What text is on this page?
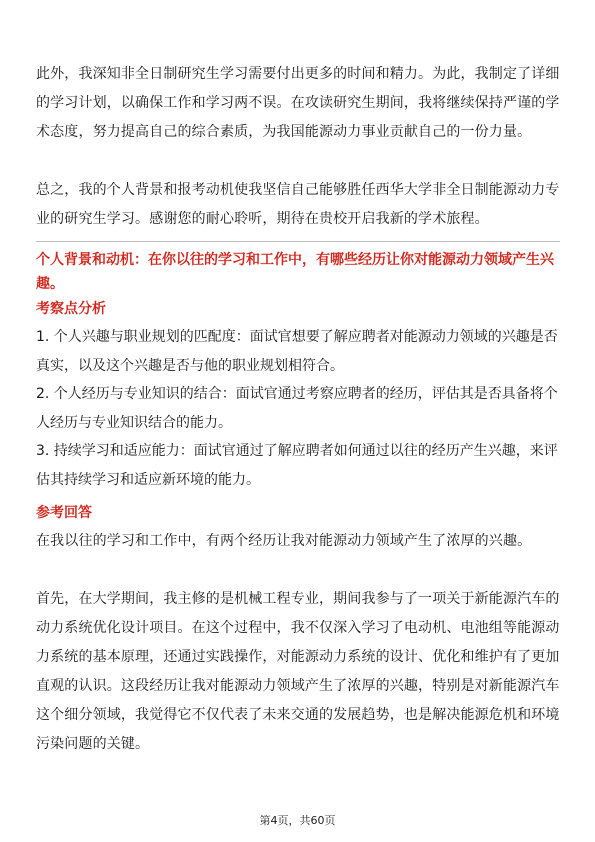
此外，我深知非全日制研究生学习需要付出更多的时间和精力。为此，我制定了详细的学习计划，以确保工作和学习两不误。在攻读研究生期间，我将继续保持严谨的学术态度，努力提高自己的综合素质，为我国能源动力事业贡献自己的一份力量。

总之，我的个人背景和报考动机使我坚信自己能够胜任西华大学非全日制能源动力专业的研究生学习。感谢您的耐心聆听，期待在贵校开启我新的学术旅程。

个人背景和动机：在你以往的学习和工作中，有哪些经历让你对能源动力领域产生兴趣。

考察点分析

1. 个人兴趣与职业规划的匹配度：面试官想要了解应聘者对能源动力领域的兴趣是否真实，以及这个兴趣是否与他的职业规划相符合。

2. 个人经历与专业知识的结合：面试官通过考察应聘者的经历，评估其是否具备将个人经历与专业知识结合的能力。

3. 持续学习和适应能力：面试官通过了解应聘者如何通过以往的经历产生兴趣，来评估其持续学习和适应新环境的能力。

参考回答

在我以往的学习和工作中，有两个经历让我对能源动力领域产生了浓厚的兴趣。

首先，在大学期间，我主修的是机械工程专业，期间我参与了一项关于新能源汽车的动力系统优化设计项目。在这个过程中，我不仅深入学习了电动机、电池组等能源动力系统的基本原理，还通过实践操作，对能源动力系统的设计、优化和维护有了更加直观的认识。这段经历让我对能源动力领域产生了浓厚的兴趣，特别是对新能源汽车这个细分领域，我觉得它不仅代表了未来交通的发展趋势，也是解决能源危机和环境污染问题的关键。

第4页，共60页
